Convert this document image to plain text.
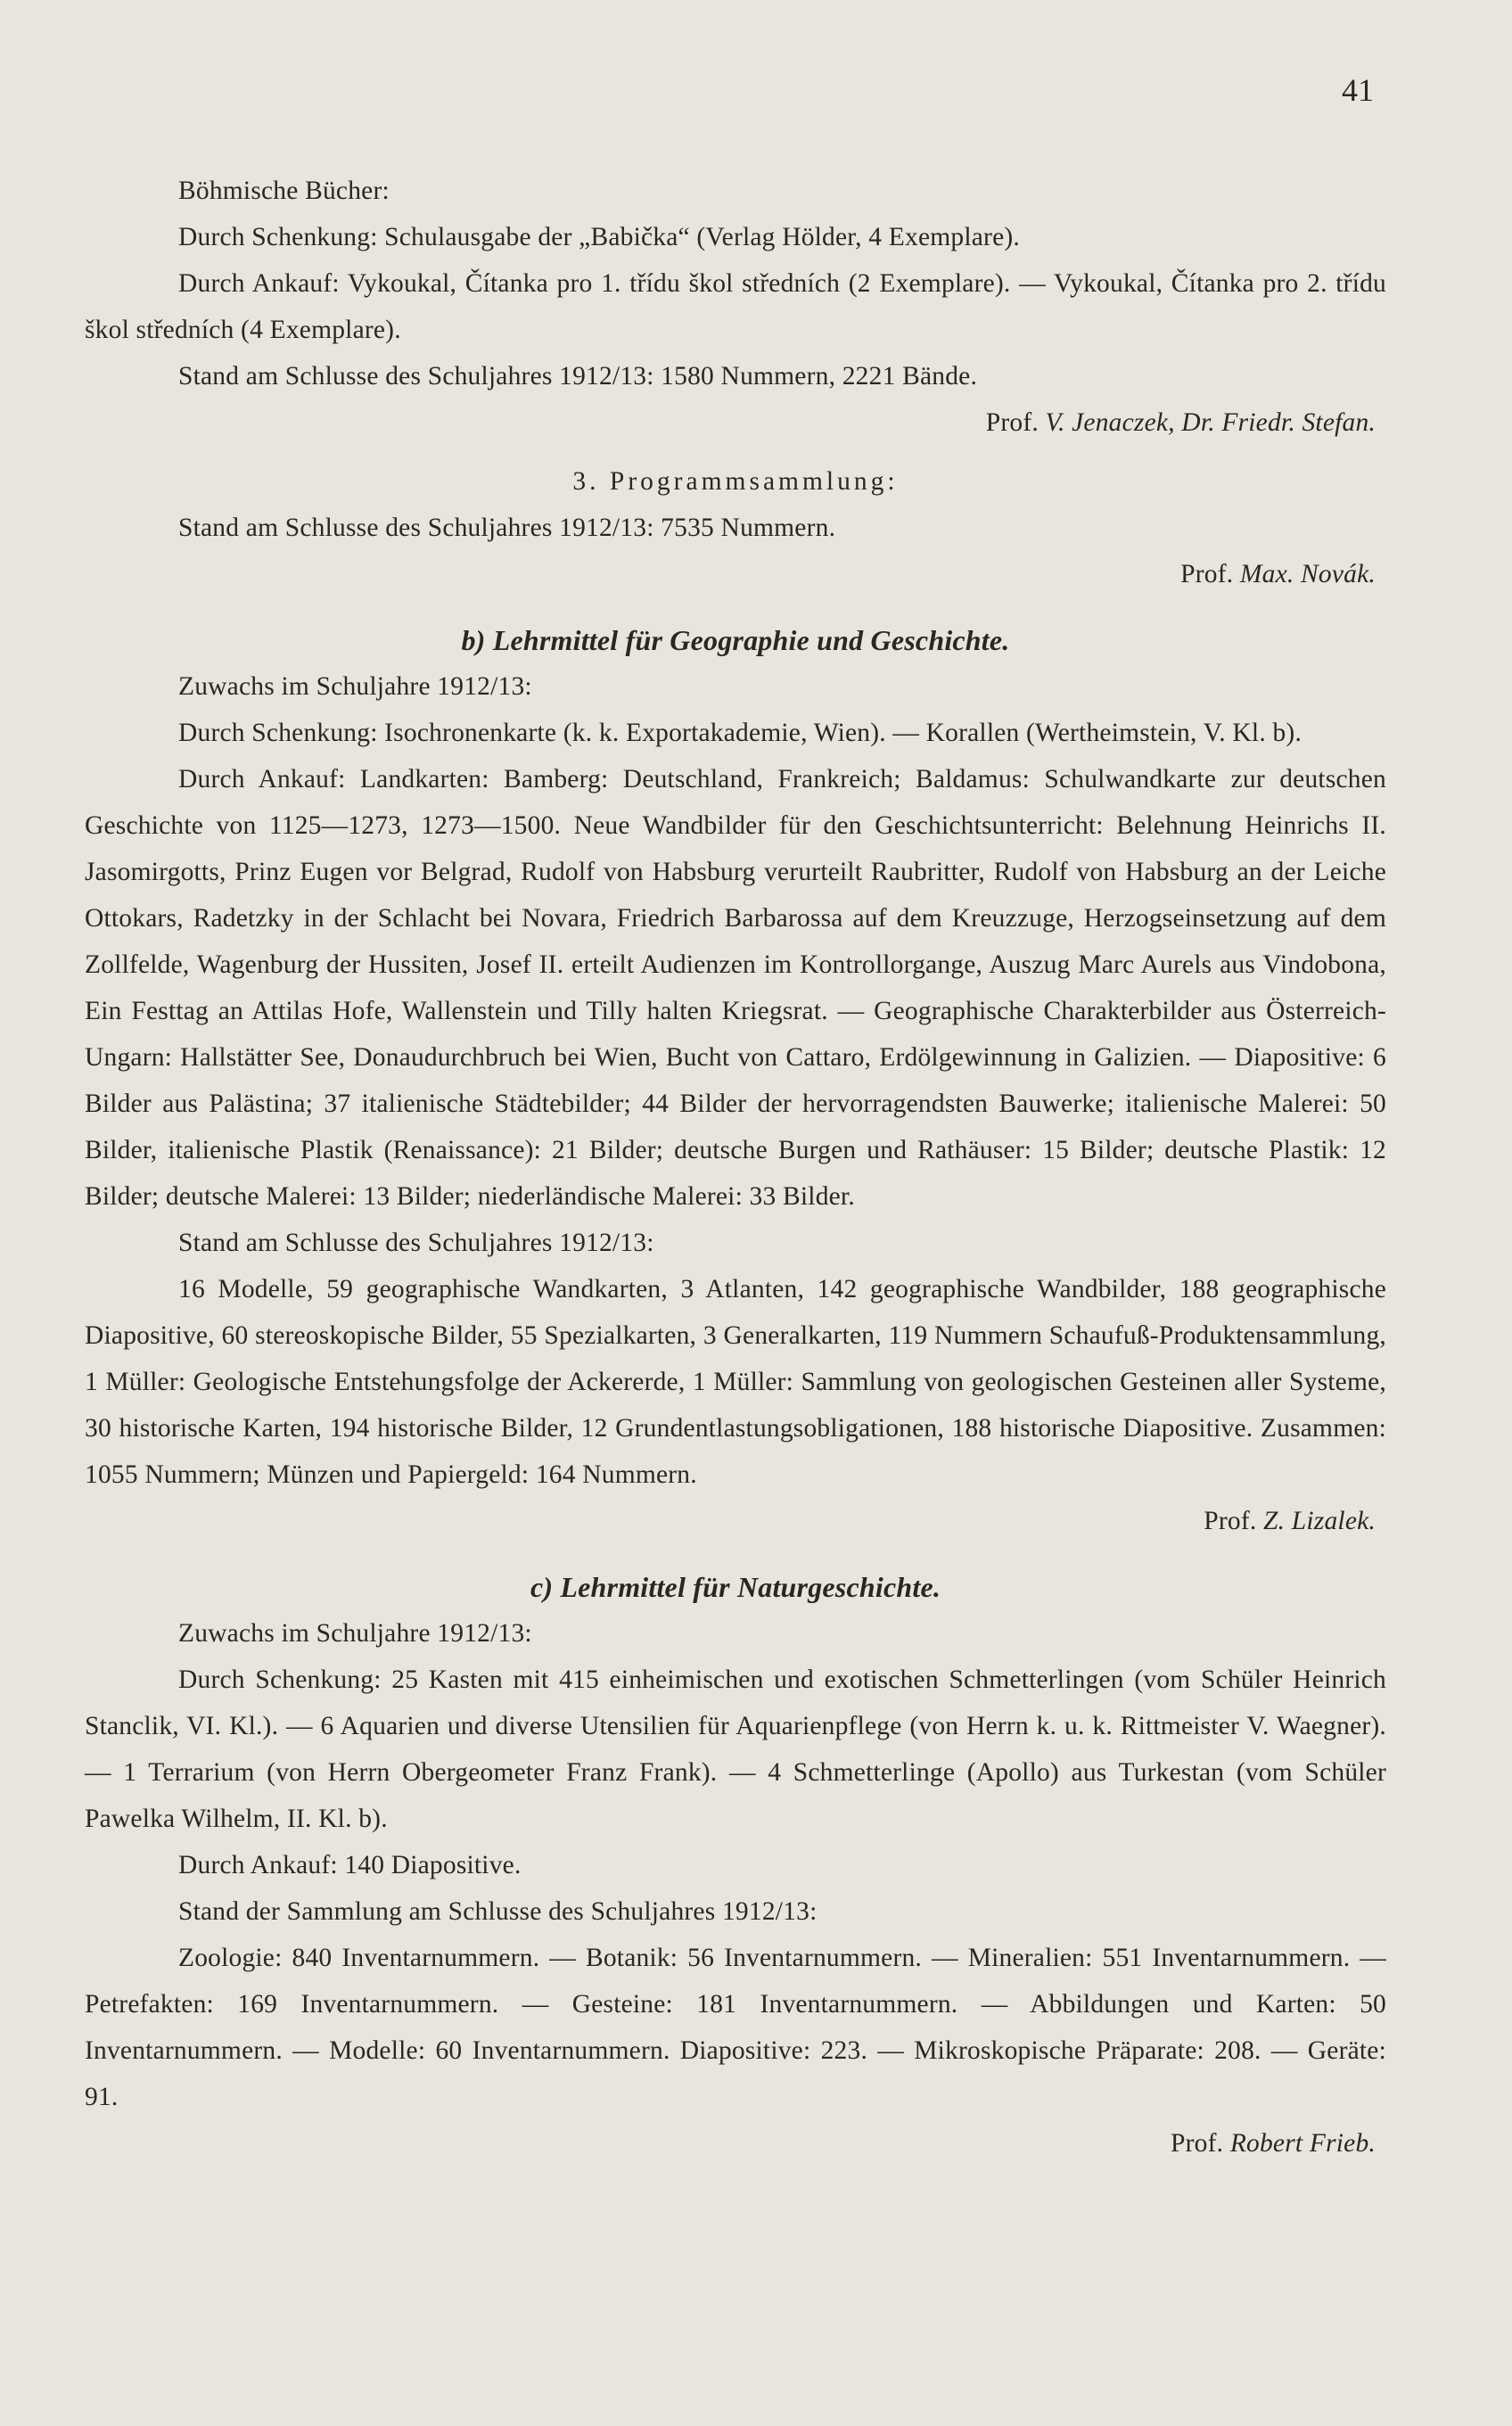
41

Böhmische Bücher:

Durch Schenkung: Schulausgabe der „Babička“ (Verlag Hölder, 4 Exemplare).

Durch Ankauf: Vykoukal, Čítanka pro 1. třídu škol středních (2 Exemplare). — Vykoukal, Čítanka pro 2. třídu škol středních (4 Exemplare).

Stand am Schlusse des Schuljahres 1912/13: 1580 Nummern, 2221 Bände.

Prof. V. Jenaczek, Dr. Friedr. Stefan.

3. Programmsammlung:

Stand am Schlusse des Schuljahres 1912/13: 7535 Nummern.

Prof. Max. Novák.

b) Lehrmittel für Geographie und Geschichte.

Zuwachs im Schuljahre 1912/13:

Durch Schenkung: Isochronenkarte (k. k. Exportakademie, Wien). — Korallen (Wertheimstein, V. Kl. b).

Durch Ankauf: Landkarten: Bamberg: Deutschland, Frankreich; Baldamus: Schulwandkarte zur deutschen Geschichte von 1125—1273, 1273—1500. Neue Wandbilder für den Geschichtsunterricht: Belehnung Heinrichs II. Jasomirgotts, Prinz Eugen vor Belgrad, Rudolf von Habsburg verurteilt Raubritter, Rudolf von Habsburg an der Leiche Ottokars, Radetzky in der Schlacht bei Novara, Friedrich Barbarossa auf dem Kreuzzuge, Herzogseinsetzung auf dem Zollfelde, Wagenburg der Hussiten, Josef II. erteilt Audienzen im Kontrollorgange, Auszug Marc Aurels aus Vindobona, Ein Festtag an Attilas Hofe, Wallenstein und Tilly halten Kriegsrat. — Geographische Charakterbilder aus Österreich-Ungarn: Hallstätter See, Donaudurchbruch bei Wien, Bucht von Cattaro, Erdölgewinnung in Galizien. — Diapositive: 6 Bilder aus Palästina; 37 italienische Städtebilder; 44 Bilder der hervorragendsten Bauwerke; italienische Malerei: 50 Bilder, italienische Plastik (Renaissance): 21 Bilder; deutsche Burgen und Rathäuser: 15 Bilder; deutsche Plastik: 12 Bilder; deutsche Malerei: 13 Bilder; niederländische Malerei: 33 Bilder.

Stand am Schlusse des Schuljahres 1912/13:

16 Modelle, 59 geographische Wandkarten, 3 Atlanten, 142 geographische Wandbilder, 188 geographische Diapositive, 60 stereoskopische Bilder, 55 Spezialkarten, 3 Generalkarten, 119 Nummern Schaufuß-Produktensammlung, 1 Müller: Geologische Entstehungsfolge der Ackererde, 1 Müller: Sammlung von geologischen Gesteinen aller Systeme, 30 historische Karten, 194 historische Bilder, 12 Grundentlastungsobligationen, 188 historische Diapositive. Zusammen: 1055 Nummern; Münzen und Papiergeld: 164 Nummern.

Prof. Z. Lizalek.

c) Lehrmittel für Naturgeschichte.

Zuwachs im Schuljahre 1912/13:

Durch Schenkung: 25 Kasten mit 415 einheimischen und exotischen Schmetterlingen (vom Schüler Heinrich Stanclik, VI. Kl.). — 6 Aquarien und diverse Utensilien für Aquarienpflege (von Herrn k. u. k. Rittmeister V. Waegner). — 1 Terrarium (von Herrn Obergeometer Franz Frank). — 4 Schmetterlinge (Apollo) aus Turkestan (vom Schüler Pawelka Wilhelm, II. Kl. b).

Durch Ankauf: 140 Diapositive.

Stand der Sammlung am Schlusse des Schuljahres 1912/13:

Zoologie: 840 Inventarnummern. — Botanik: 56 Inventarnummern. — Mineralien: 551 Inventarnummern. — Petrefakten: 169 Inventarnummern. — Gesteine: 181 Inventarnummern. — Abbildungen und Karten: 50 Inventarnummern. — Modelle: 60 Inventarnummern. Diapositive: 223. — Mikroskopische Präparate: 208. — Geräte: 91.

Prof. Robert Frieb.
